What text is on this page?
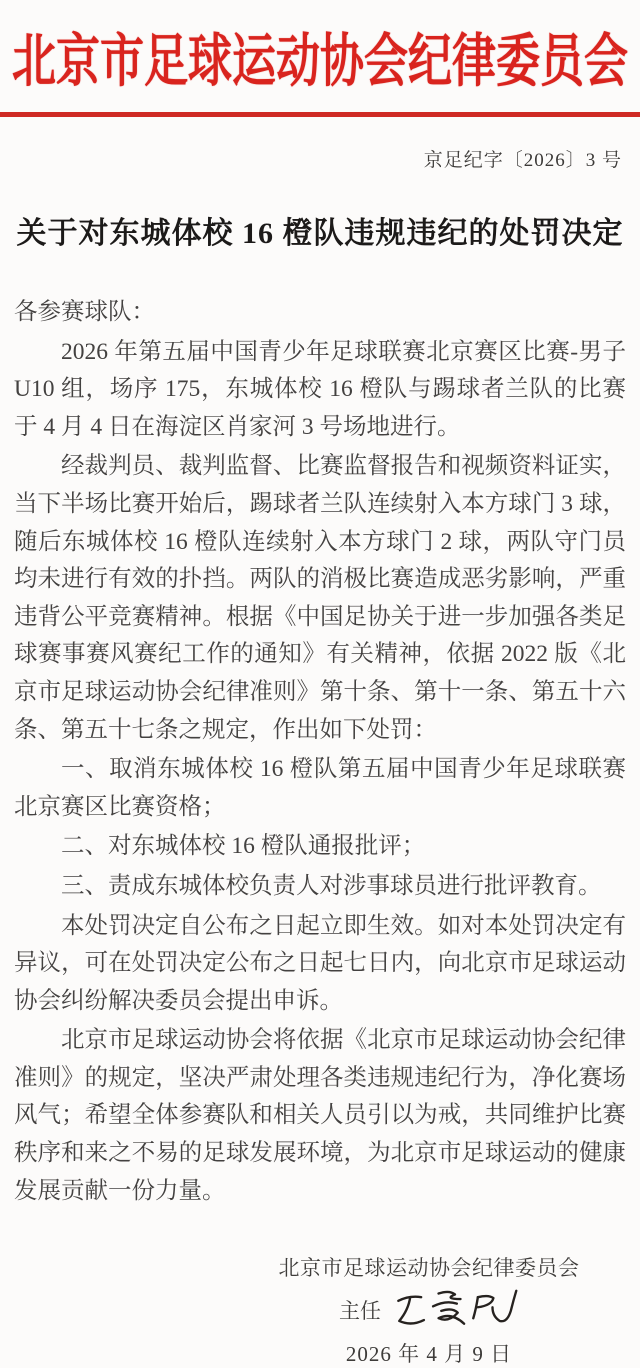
北京市足球运动协会纪律委员会
京足纪字〔2026〕3 号
关于对东城体校 16 橙队违规违纪的处罚决定

各参赛球队：

2026 年第五届中国青少年足球联赛北京赛区比赛-男子 U10 组，场序 175，东城体校 16 橙队与踢球者兰队的比赛于 4 月 4 日在海淀区肖家河 3 号场地进行。

经裁判员、裁判监督、比赛监督报告和视频资料证实，当下半场比赛开始后，踢球者兰队连续射入本方球门 3 球，随后东城体校 16 橙队连续射入本方球门 2 球，两队守门员均未进行有效的扑挡。两队的消极比赛造成恶劣影响，严重违背公平竞赛精神。根据《中国足协关于进一步加强各类足球赛事赛风赛纪工作的通知》有关精神，依据 2022 版《北京市足球运动协会纪律准则》第十条、第十一条、第五十六条、第五十七条之规定，作出如下处罚：

一、取消东城体校 16 橙队第五届中国青少年足球联赛北京赛区比赛资格；

二、对东城体校 16 橙队通报批评；

三、责成东城体校负责人对涉事球员进行批评教育。

本处罚决定自公布之日起立即生效。如对本处罚决定有异议，可在处罚决定公布之日起七日内，向北京市足球运动协会纠纷解决委员会提出申诉。

北京市足球运动协会将依据《北京市足球运动协会纪律准则》的规定，坚决严肃处理各类违规违纪行为，净化赛场风气；希望全体参赛队和相关人员引以为戒，共同维护比赛秩序和来之不易的足球发展环境，为北京市足球运动的健康发展贡献一份力量。

北京市足球运动协会纪律委员会
主任
2026 年 4 月 9 日
